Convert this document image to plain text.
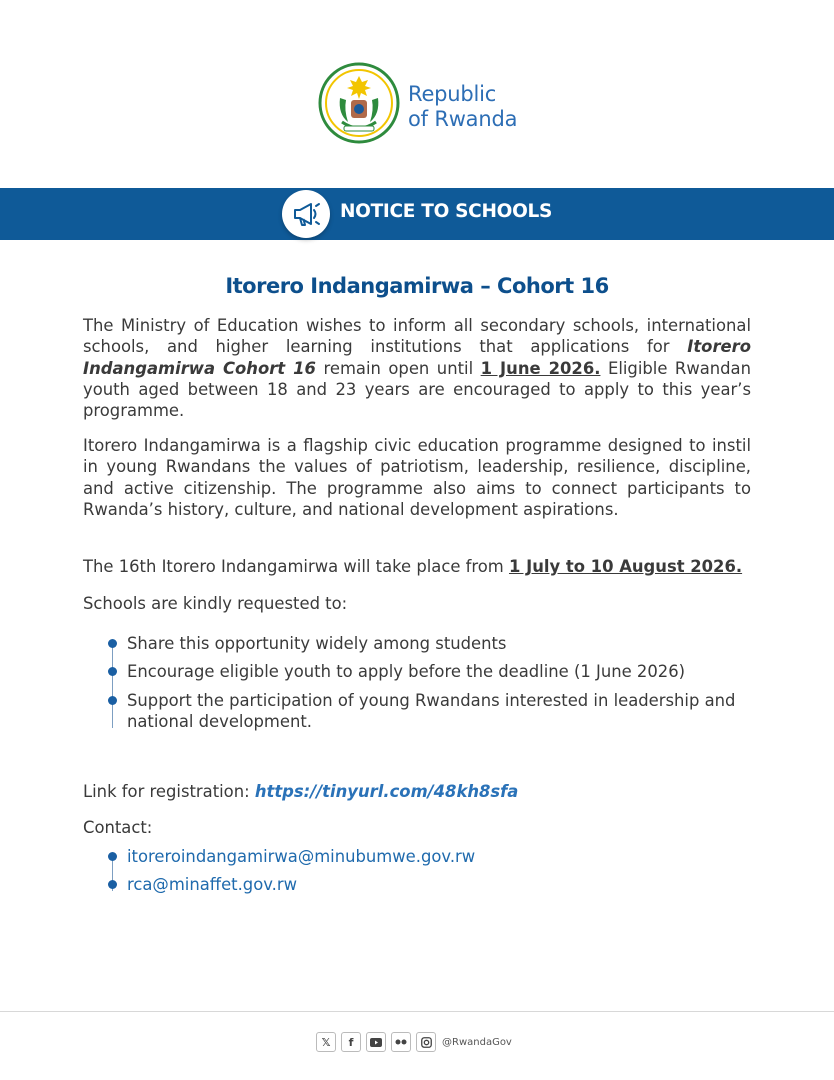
Republic
of Rwanda
NOTICE TO SCHOOLS
Itorero Indangamirwa – Cohort 16
The Ministry of Education wishes to inform all secondary schools, international schools, and higher learning institutions that applications for Itorero Indangamirwa Cohort 16 remain open until 1 June 2026. Eligible Rwandan youth aged between 18 and 23 years are encouraged to apply to this year’s programme.
Itorero Indangamirwa is a flagship civic education programme designed to instil in young Rwandans the values of patriotism, leadership, resilience, discipline, and active citizenship. The programme also aims to connect participants to Rwanda’s history, culture, and national development aspirations.
The 16th Itorero Indangamirwa will take place from 1 July to 10 August 2026.
Schools are kindly requested to:
Share this opportunity widely among students
Encourage eligible youth to apply before the deadline (1 June 2026)
Support the participation of young Rwandans interested in leadership and national development.
Link for registration: https://tinyurl.com/48kh8sfa
Contact:
itoreroindangamirwa@minubumwe.gov.rw
rca@minaffet.gov.rw
𝕏	f	@RwandaGov
